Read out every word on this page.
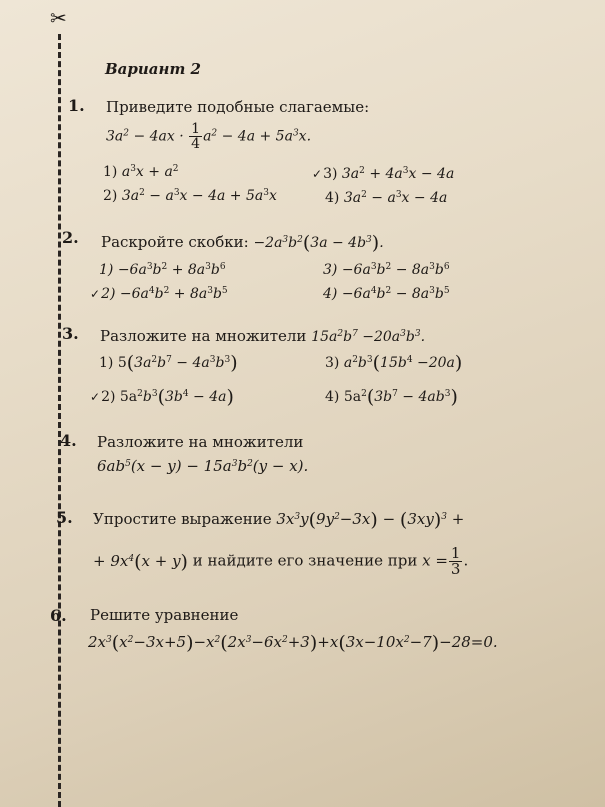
✂
Вариант 2
1. Приведите подобные слагаемые:
$3a^2 - 4ax \cdot \frac{1}{4} a^2 - 4a + 5a^3x$.
1) $a^3x + a^2$	✓3) $3a^2 + 4a^3x - 4a$
2) $3a^2 - a^3x - 4a + 5a^3x$	4) $3a^2 - a^3x - 4a$
2. Раскройте скобки: $-2a^3b^2(3a - 4b^3)$.
$1) -6a^3b^2 + 8a^3b^6$	$3) -6a^3b^2 - 8a^3b^6$
✓2) $-6a^4b^2 + 8a^3b^5$	$4) -6a^4b^2 - 8a^3b^5$
3. Разложите на множители $15a^2b^7 -20a^3b^3$.
1) $5(3a^2b^7 - 4a^3b^3)$	3) $a^2b^3(15b^4 -20a)$
✓2) $5a^2b^3(3b^4 - 4a)$	4) $5a^2(3b^7 - 4ab^3)$
4. Разложите на множители
$6ab^5(x - y) - 15a^3b^2(y - x)$.
5. Упростите выражение $3x^3y(9y^2-3x) - (3xy)^3$ +
+ $9x^4(x + y)$ и найдите его значение при $x = \frac{1}{3}$ .
6. Решите уравнение
$2x^3(x^2-3x+5)-x^2(2x^3-6x^2+3)+x(3x-10x^2-7)-28=0$.
